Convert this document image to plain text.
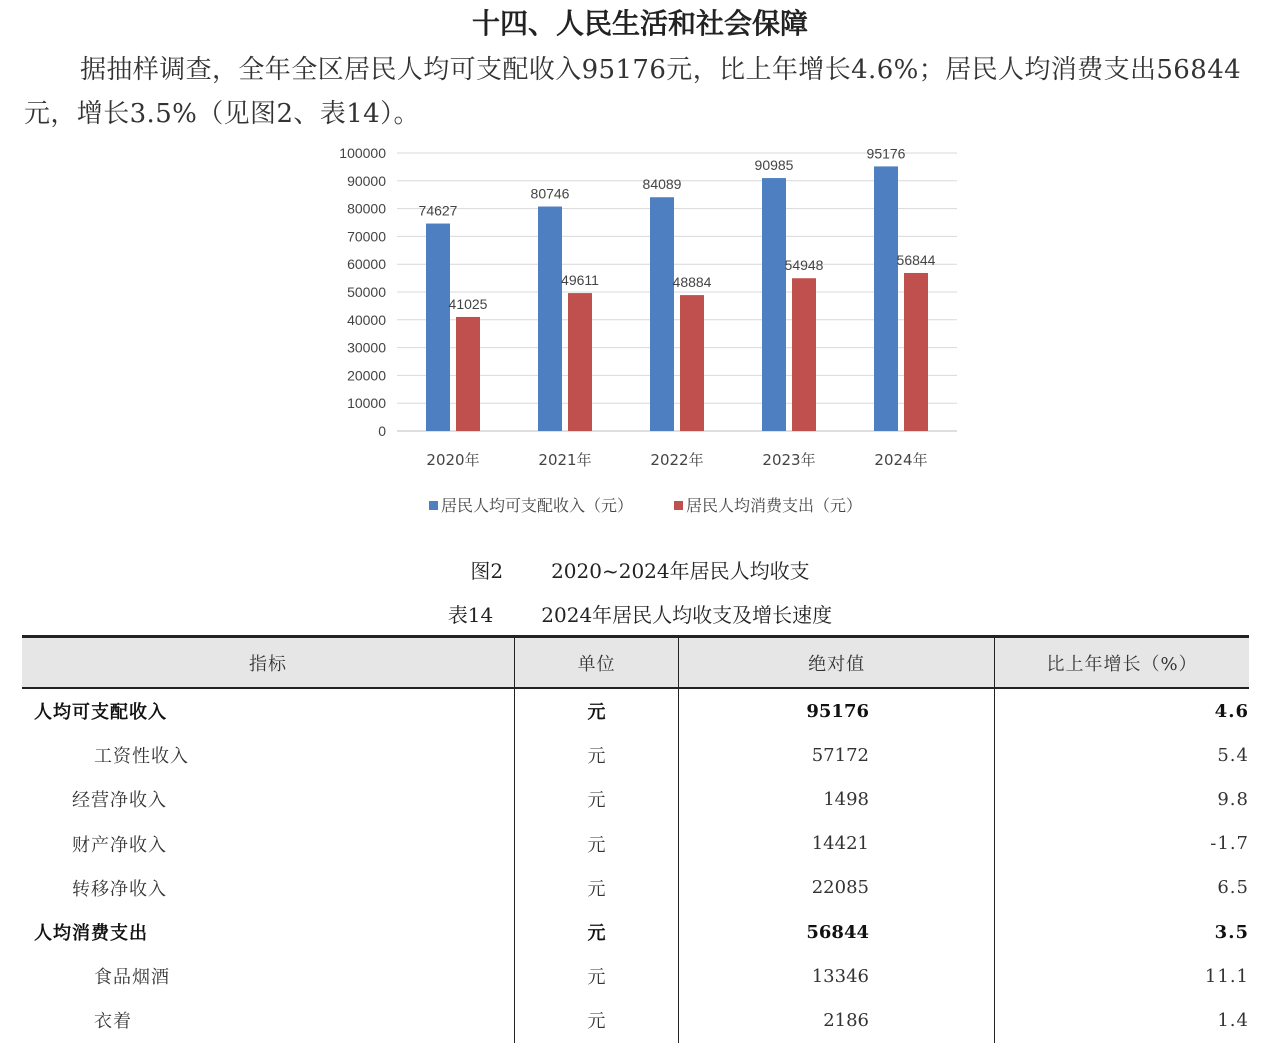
十四、人民生活和社会保障

据抽样调查，全年全区居民人均可支配收入95176元，比上年增长4.6%；居民人均消费支出56844元，增长3.5%（见图2、表14）。

0
10000
20000
30000
40000
50000
60000
70000
80000
90000
100000
74627
41025
80746
49611
84089
48884
90985
54948
95176
56844
2020年	2021年	2022年	2023年	2024年
居民人均可支配收入（元）	居民人均消费支出（元）
图2 2020~2024年居民人均收支
表14 2024年居民人均收支及增长速度
指标	单位	绝对值	比上年增长（%）
人均可支配收入	元	95176	4.6
工资性收入	元	57172	5.4
经营净收入	元	1498	9.8
财产净收入	元	14421	-1.7
转移净收入	元	22085	6.5
人均消费支出	元	56844	3.5
食品烟酒	元	13346	11.1
衣着	元	2186	1.4
